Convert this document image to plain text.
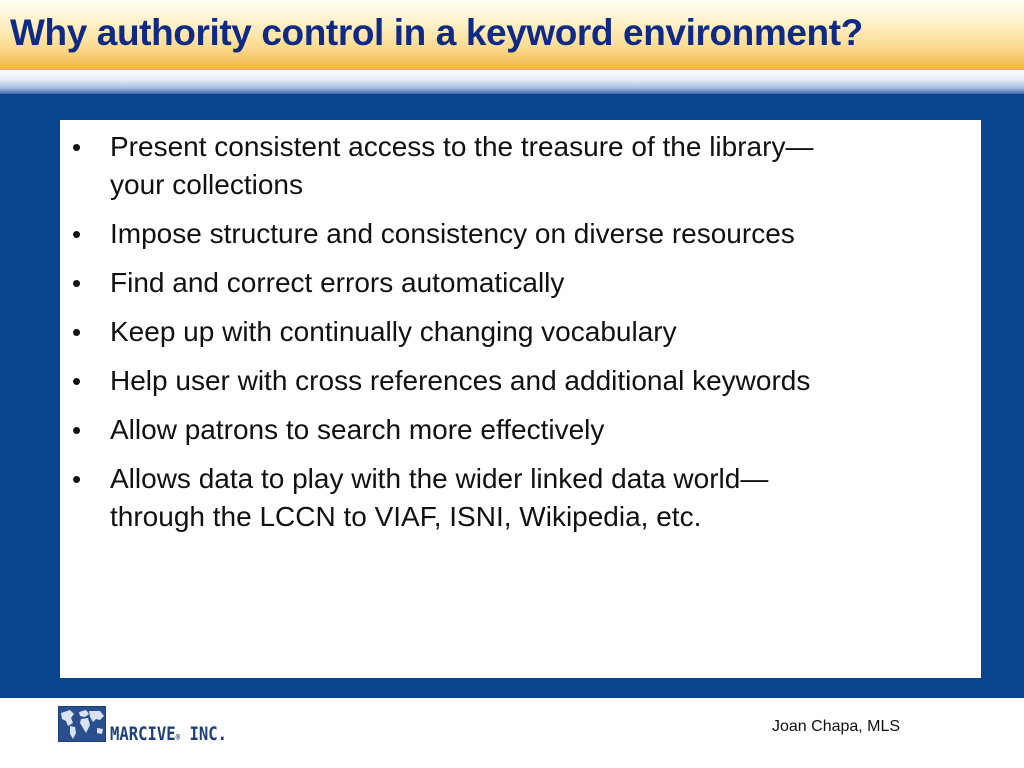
Why authority control in a keyword environment?
• Present consistent access to the treasure of the library—
your collections
• Impose structure and consistency on diverse resources
• Find and correct errors automatically
• Keep up with continually changing vocabulary
• Help user with cross references and additional keywords
• Allow patrons to search more effectively
• Allows data to play with the wider linked data world—
through the LCCN to VIAF, ISNI, Wikipedia, etc.
MARCIVE® INC.	Joan Chapa, MLS
